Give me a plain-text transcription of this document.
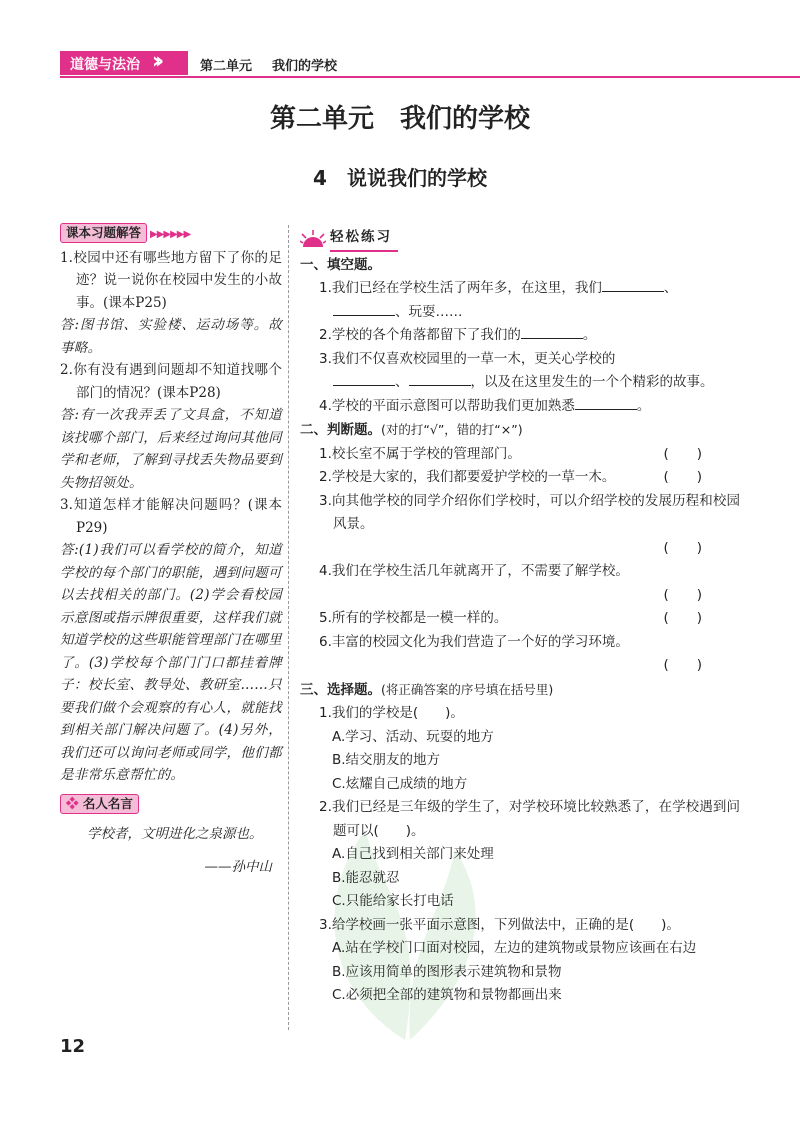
道德与法治 ››	第二单元 我们的学校
第二单元　我们的学校
4　说说我们的学校
课本习题解答 ▶▶▶▶▶▶

1.校园中还有哪些地方留下了你的足迹？说一说你在校园中发生的小故事。(课本P25)

答:图书馆、实验楼、运动场等。故事略。

2.你有没有遇到问题却不知道找哪个部门的情况？(课本P28)

答:有一次我弄丢了文具盒，不知道该找哪个部门，后来经过询问其他同学和老师，了解到寻找丢失物品要到失物招领处。

3.知道怎样才能解决问题吗？(课本P29)

答:(1)我们可以看学校的简介，知道学校的每个部门的职能，遇到问题可以去找相关的部门。(2)学会看校园示意图或指示牌很重要，这样我们就知道学校的这些职能管理部门在哪里了。(3)学校每个部门门口都挂着牌子：校长室、教导处、教研室……只要我们做个会观察的有心人，就能找到相关部门解决问题了。(4)另外，我们还可以询问老师或同学，他们都是非常乐意帮忙的。

❖ 名人名言

学校者，文明进化之泉源也。

——孙中山

12
轻松练习

一、填空题。

1.我们已经在学校生活了两年多，在这里，我们	、
、玩耍……

2.学校的各个角落都留下了我们的	。

3.我们不仅喜欢校园里的一草一木，更关心学校的
、	，以及在这里发生的一个个精彩的故事。

4.学校的平面示意图可以帮助我们更加熟悉	。

二、判断题。(对的打“√”，错的打“×”)

1.校长室不属于学校的管理部门。	()

2.学校是大家的，我们都要爱护学校的一草一木。	()

3.向其他学校的同学介绍你们学校时，可以介绍学校的发展历程和校园风景。

()

4.我们在学校生活几年就离开了，不需要了解学校。

()

5.所有的学校都是一模一样的。	()

6.丰富的校园文化为我们营造了一个好的学习环境。

()

三、选择题。(将正确答案的序号填在括号里)

1.我们的学校是(　　)。

A.学习、活动、玩耍的地方

B.结交朋友的地方

C.炫耀自己成绩的地方

2.我们已经是三年级的学生了，对学校环境比较熟悉了，在学校遇到问题可以(　　)。

A.自己找到相关部门来处理

B.能忍就忍

C.只能给家长打电话

3.给学校画一张平面示意图，下列做法中，正确的是(　　)。

A.站在学校门口面对校园，左边的建筑物或景物应该画在右边

B.应该用简单的图形表示建筑物和景物

C.必须把全部的建筑物和景物都画出来
